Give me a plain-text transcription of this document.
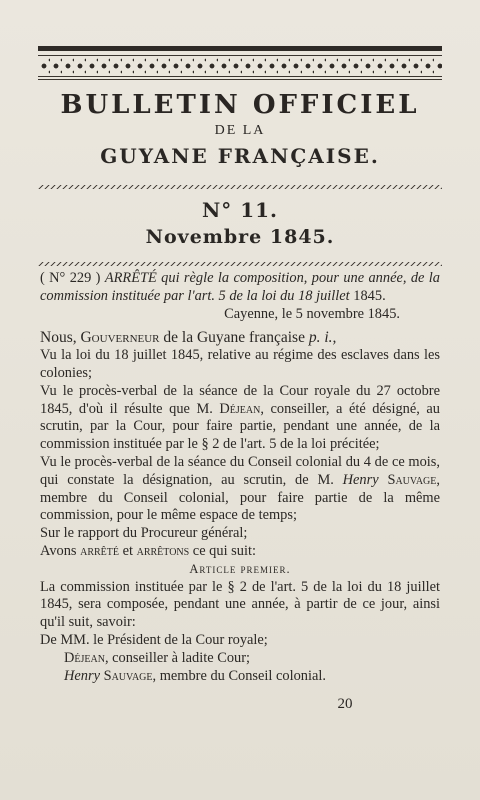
BULLETIN OFFICIEL
DE LA
GUYANE FRANÇAISE.
N° 11.
Novembre 1845.

( N° 229 ) ARRÊTÉ qui règle la composition, pour une année, de la commission instituée par l'art. 5 de la loi du 18 juillet 1845.

Cayenne, le 5 novembre 1845.

Nous, Gouverneur de la Guyane française p. i.,

Vu la loi du 18 juillet 1845, relative au régime des esclaves dans les colonies;

Vu le procès-verbal de la séance de la Cour royale du 27 octobre 1845, d'où il résulte que M. Déjean, conseiller, a été désigné, au scrutin, par la Cour, pour faire partie, pendant une année, de la commission instituée par le § 2 de l'art. 5 de la loi précitée;

Vu le procès-verbal de la séance du Conseil colonial du 4 de ce mois, qui constate la désignation, au scrutin, de M. Henry Sauvage, membre du Conseil colonial, pour faire partie de la même commission, pour le même espace de temps;

Sur le rapport du Procureur général;

Avons arrêté et arrêtons ce qui suit:

Article premier.

La commission instituée par le § 2 de l'art. 5 de la loi du 18 juillet 1845, sera composée, pendant une année, à partir de ce jour, ainsi qu'il suit, savoir:

De MM. le Président de la Cour royale;

Déjean, conseiller à ladite Cour;

Henry Sauvage, membre du Conseil colonial.

20
